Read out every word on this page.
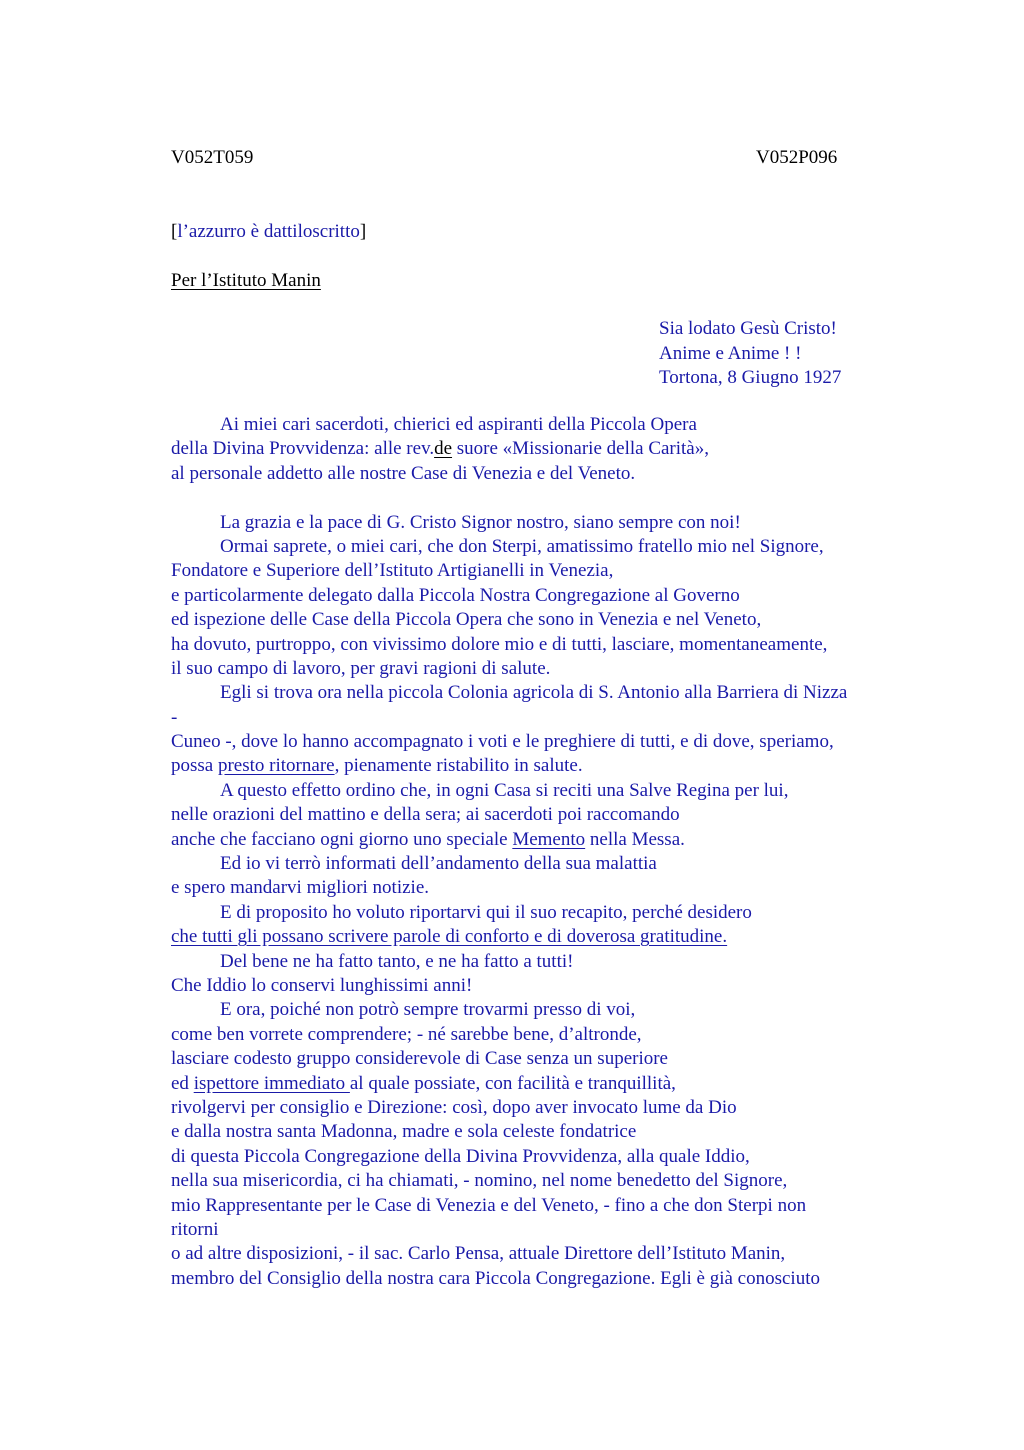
V052T059	V052P096
[l’azzurro è dattiloscritto]
Per l’Istituto Manin
Sia lodato Gesù Cristo!
Anime e Anime ! !
Tortona, 8 Giugno 1927
Ai miei cari sacerdoti, chierici ed aspiranti della Piccola Opera
della Divina Provvidenza: alle rev.de suore «Missionarie della Carità»,
al personale addetto alle nostre Case di Venezia e del Veneto.
La grazia e la pace di G. Cristo Signor nostro, siano sempre con noi!
Ormai saprete, o miei cari, che don Sterpi, amatissimo fratello mio nel Signore,
Fondatore e Superiore dell’Istituto Artigianelli in Venezia,
e particolarmente delegato dalla Piccola Nostra Congregazione al Governo
ed ispezione delle Case della Piccola Opera che sono in Venezia e nel Veneto,
ha dovuto, purtroppo, con vivissimo dolore mio e di tutti, lasciare, momentaneamente,
il suo campo di lavoro, per gravi ragioni di salute.
Egli si trova ora nella piccola Colonia agricola di S. Antonio alla Barriera di Nizza
-
Cuneo -, dove lo hanno accompagnato i voti e le preghiere di tutti, e di dove, speriamo,
possa presto ritornare, pienamente ristabilito in salute.
A questo effetto ordino che, in ogni Casa si reciti una Salve Regina per lui,
nelle orazioni del mattino e della sera; ai sacerdoti poi raccomando
anche che facciano ogni giorno uno speciale Memento nella Messa.
Ed io vi terrò informati dell’andamento della sua malattia
e spero mandarvi migliori notizie.
E di proposito ho voluto riportarvi qui il suo recapito, perché desidero
che tutti gli possano scrivere parole di conforto e di doverosa gratitudine.
Del bene ne ha fatto tanto, e ne ha fatto a tutti!
Che Iddio lo conservi lunghissimi anni!
E ora, poiché non potrò sempre trovarmi presso di voi,
come ben vorrete comprendere; - né sarebbe bene, d’altronde,
lasciare codesto gruppo considerevole di Case senza un superiore
ed ispettore immediato al quale possiate, con facilità e tranquillità,
rivolgervi per consiglio e Direzione: così, dopo aver invocato lume da Dio
e dalla nostra santa Madonna, madre e sola celeste fondatrice
di questa Piccola Congregazione della Divina Provvidenza, alla quale Iddio,
nella sua misericordia, ci ha chiamati, - nomino, nel nome benedetto del Signore,
mio Rappresentante per le Case di Venezia e del Veneto, - fino a che don Sterpi non
ritorni
o ad altre disposizioni, - il sac. Carlo Pensa, attuale Direttore dell’Istituto Manin,
membro del Consiglio della nostra cara Piccola Congregazione. Egli è già conosciuto
